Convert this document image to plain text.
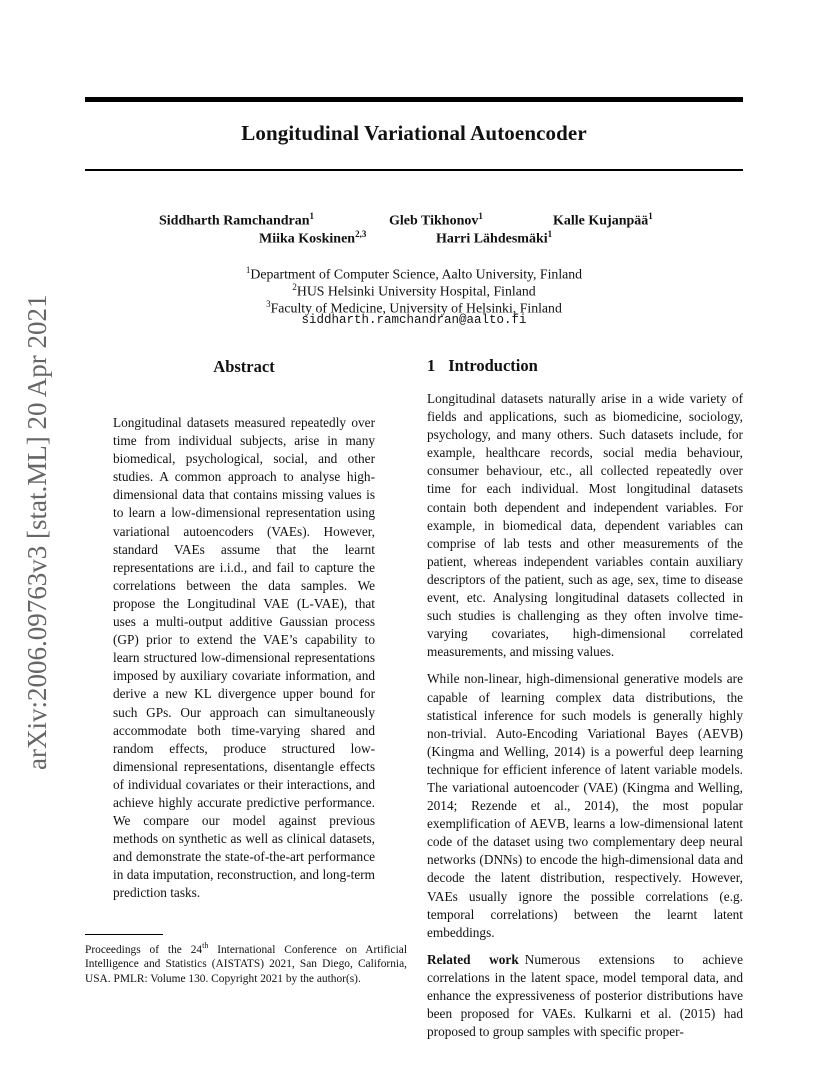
arXiv:2006.09763v3 [stat.ML] 20 Apr 2021
Longitudinal Variational Autoencoder
Siddharth Ramchandran$^1$	Gleb Tikhonov$^1$	Kalle Kujanpää$^1$
Miika Koskinen$^{2,3}$	Harri Lähdesmäki$^1$
$^1$Department of Computer Science, Aalto University, Finland
$^2$HUS Helsinki University Hospital, Finland
$^3$Faculty of Medicine, University of Helsinki, Finland
siddharth.ramchandran@aalto.fi
Abstract
Longitudinal datasets measured repeatedly over time from individual subjects, arise in many biomedical, psychological, social, and other studies. A common approach to analyse high-dimensional data that contains missing values is to learn a low-dimensional representation using variational autoencoders (VAEs). However, standard VAEs assume that the learnt representations are i.i.d., and fail to capture the correlations between the data samples. We propose the Longitudinal VAE (L-VAE), that uses a multi-output additive Gaussian process (GP) prior to extend the VAE’s capability to learn structured low-dimensional representations imposed by auxiliary covariate information, and derive a new KL divergence upper bound for such GPs. Our approach can simultaneously accommodate both time-varying shared and random effects, produce structured low-dimensional representations, disentangle effects of individual covariates or their interactions, and achieve highly accurate predictive performance. We compare our model against previous methods on synthetic as well as clinical datasets, and demonstrate the state-of-the-art performance in data imputation, reconstruction, and long-term prediction tasks.
1 Introduction

Longitudinal datasets naturally arise in a wide variety of fields and applications, such as biomedicine, sociology, psychology, and many others. Such datasets include, for example, healthcare records, social media behaviour, consumer behaviour, etc., all collected repeatedly over time for each individual. Most longitudinal datasets contain both dependent and independent variables. For example, in biomedical data, dependent variables can comprise of lab tests and other measurements of the patient, whereas independent variables contain auxiliary descriptors of the patient, such as age, sex, time to disease event, etc. Analysing longitudinal datasets collected in such studies is challenging as they often involve time-varying covariates, high-dimensional correlated measurements, and missing values.

While non-linear, high-dimensional generative models are capable of learning complex data distributions, the statistical inference for such models is generally highly non-trivial. Auto-Encoding Variational Bayes (AEVB) (Kingma and Welling, 2014) is a powerful deep learning technique for efficient inference of latent variable models. The variational autoencoder (VAE) (Kingma and Welling, 2014; Rezende et al., 2014), the most popular exemplification of AEVB, learns a low-dimensional latent code of the dataset using two complementary deep neural networks (DNNs) to encode the high-dimensional data and decode the latent distribution, respectively. However, VAEs usually ignore the possible correlations (e.g. temporal correlations) between the learnt latent embeddings.

Related work Numerous extensions to achieve correlations in the latent space, model temporal data, and enhance the expressiveness of posterior distributions have been proposed for VAEs. Kulkarni et al. (2015) had proposed to group samples with specific proper-

Proceedings of the 24th International Conference on Artificial Intelligence and Statistics (AISTATS) 2021, San Diego, California, USA. PMLR: Volume 130. Copyright 2021 by the author(s).
